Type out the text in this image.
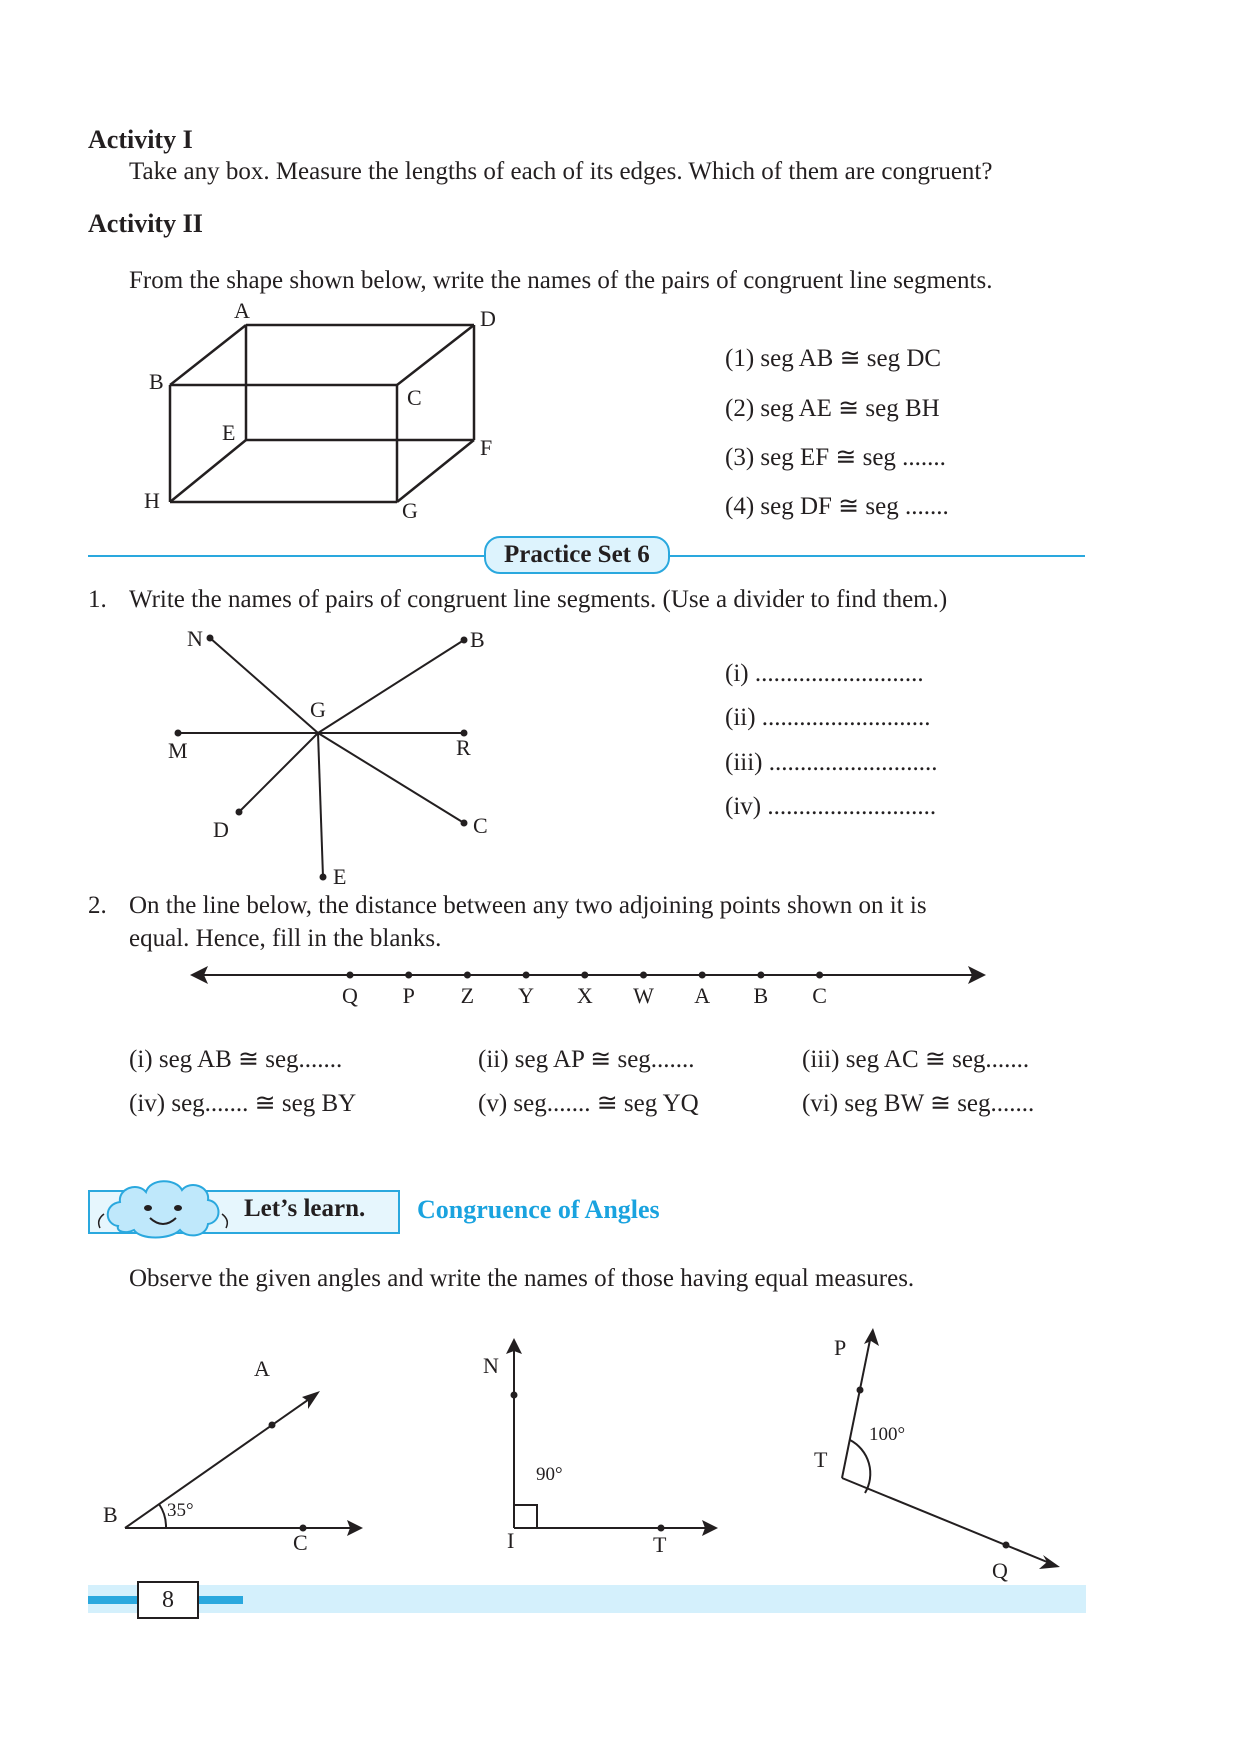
Activity I
Take any box. Measure the lengths of each of its edges. Which of them are congruent?
Activity II
From the shape shown below, write the names of the pairs of congruent line segments.
A	D
B
C
E
F
H	G
(1) seg AB ≅ seg DC
(2) seg AE ≅ seg BH
(3) seg EF ≅ seg .......
(4) seg DF ≅ seg .......
Practice Set 6
1. Write the names of pairs of congruent line segments. (Use a divider to find them.)
N	B
G
M	R
D	C
E
(i) ...........................
(ii) ...........................
(iii) ...........................
(iv) ...........................
2. On the line below, the distance between any two adjoining points shown on it is
equal. Hence, fill in the blanks.
Q P Z Y X W A B C
(i) seg AB ≅ seg.......	(ii) seg AP ≅ seg.......	(iii) seg AC ≅ seg.......
(iv) seg....... ≅ seg BY	(v) seg....... ≅ seg YQ	(vi) seg BW ≅ seg.......
Let’s learn. Congruence of Angles
Observe the given angles and write the names of those having equal measures.
A
B
C
35°
N
I	T
90°
P
T
Q
100°
8
